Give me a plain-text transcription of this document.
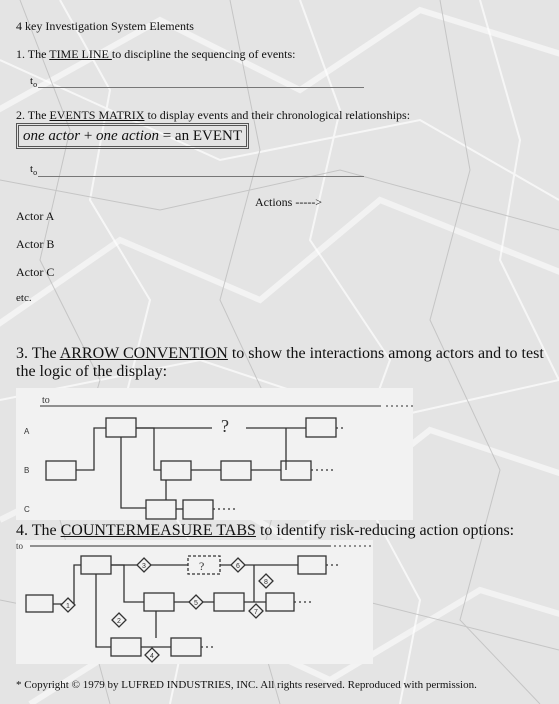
4 key Investigation System Elements
1. The TIME LINE to discipline the sequencing of events:
$t_o$
2. The EVENTS MATRIX to display events and their chronological relationships:
one actor + one action = an EVENT
$t_o$
Actions ----->
Actor A
Actor B
Actor C
etc.
3. The ARROW CONVENTION to show the interactions among actors and to test the logic of the display:
to
A
B
C
?
4. The COUNTERMEASURE TABS to identify risk-reducing action options:
to
?
1
2
3
4
5
6
7
8
* Copyright © 1979 by LUFRED INDUSTRIES, INC. All rights reserved. Reproduced with permission.
